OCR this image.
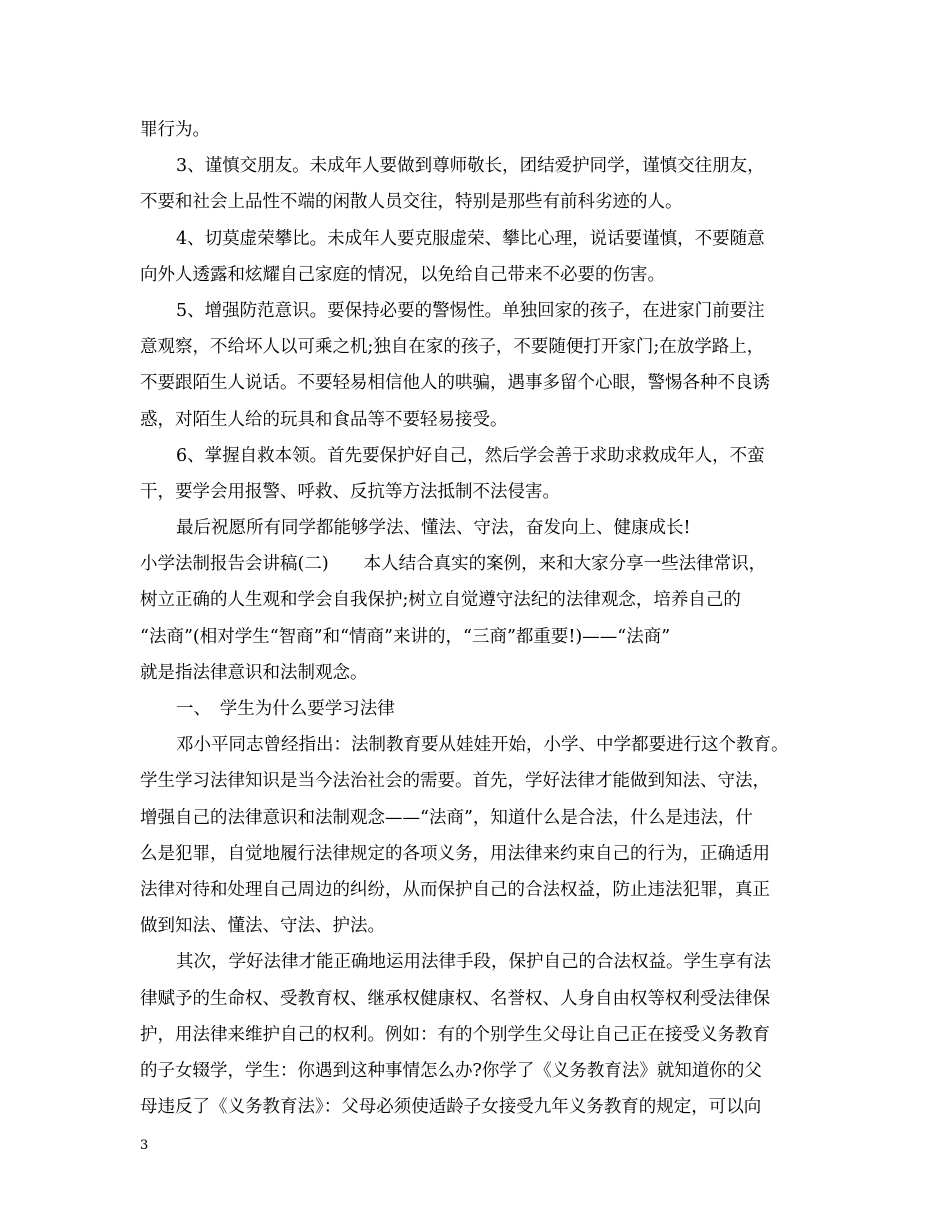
罪行为。
3、谨慎交朋友。未成年人要做到尊师敬长，团结爱护同学，谨慎交往朋友，
不要和社会上品性不端的闲散人员交往，特别是那些有前科劣迹的人。
4、切莫虚荣攀比。未成年人要克服虚荣、攀比心理，说话要谨慎，不要随意
向外人透露和炫耀自己家庭的情况，以免给自己带来不必要的伤害。
5、增强防范意识。要保持必要的警惕性。单独回家的孩子，在进家门前要注
意观察，不给坏人以可乘之机;独自在家的孩子，不要随便打开家门;在放学路上，
不要跟陌生人说话。不要轻易相信他人的哄骗，遇事多留个心眼，警惕各种不良诱
惑，对陌生人给的玩具和食品等不要轻易接受。
6、掌握自救本领。首先要保护好自己，然后学会善于求助求救成年人，不蛮
干，要学会用报警、呼救、反抗等方法抵制不法侵害。
最后祝愿所有同学都能够学法、懂法、守法，奋发向上、健康成长!
小学法制报告会讲稿(二)　　本人结合真实的案例，来和大家分享一些法律常识，
树立正确的人生观和学会自我保护;树立自觉遵守法纪的法律观念，培养自己的
“法商”(相对学生“智商”和“情商”来讲的，“三商”都重要!)——“法商”
就是指法律意识和法制观念。
一、　学生为什么要学习法律
邓小平同志曾经指出：法制教育要从娃娃开始，小学、中学都要进行这个教育。
学生学习法律知识是当今法治社会的需要。首先，学好法律才能做到知法、守法，
增强自己的法律意识和法制观念——“法商”，知道什么是合法，什么是违法，什
么是犯罪，自觉地履行法律规定的各项义务，用法律来约束自己的行为，正确适用
法律对待和处理自己周边的纠纷，从而保护自己的合法权益，防止违法犯罪，真正
做到知法、懂法、守法、护法。
其次，学好法律才能正确地运用法律手段，保护自己的合法权益。学生享有法
律赋予的生命权、受教育权、继承权健康权、名誉权、人身自由权等权利受法律保
护，用法律来维护自己的权利。例如：有的个别学生父母让自己正在接受义务教育
的子女辍学，学生：你遇到这种事情怎么办?你学了《义务教育法》就知道你的父
母违反了《义务教育法》：父母必须使适龄子女接受九年义务教育的规定，可以向
3
